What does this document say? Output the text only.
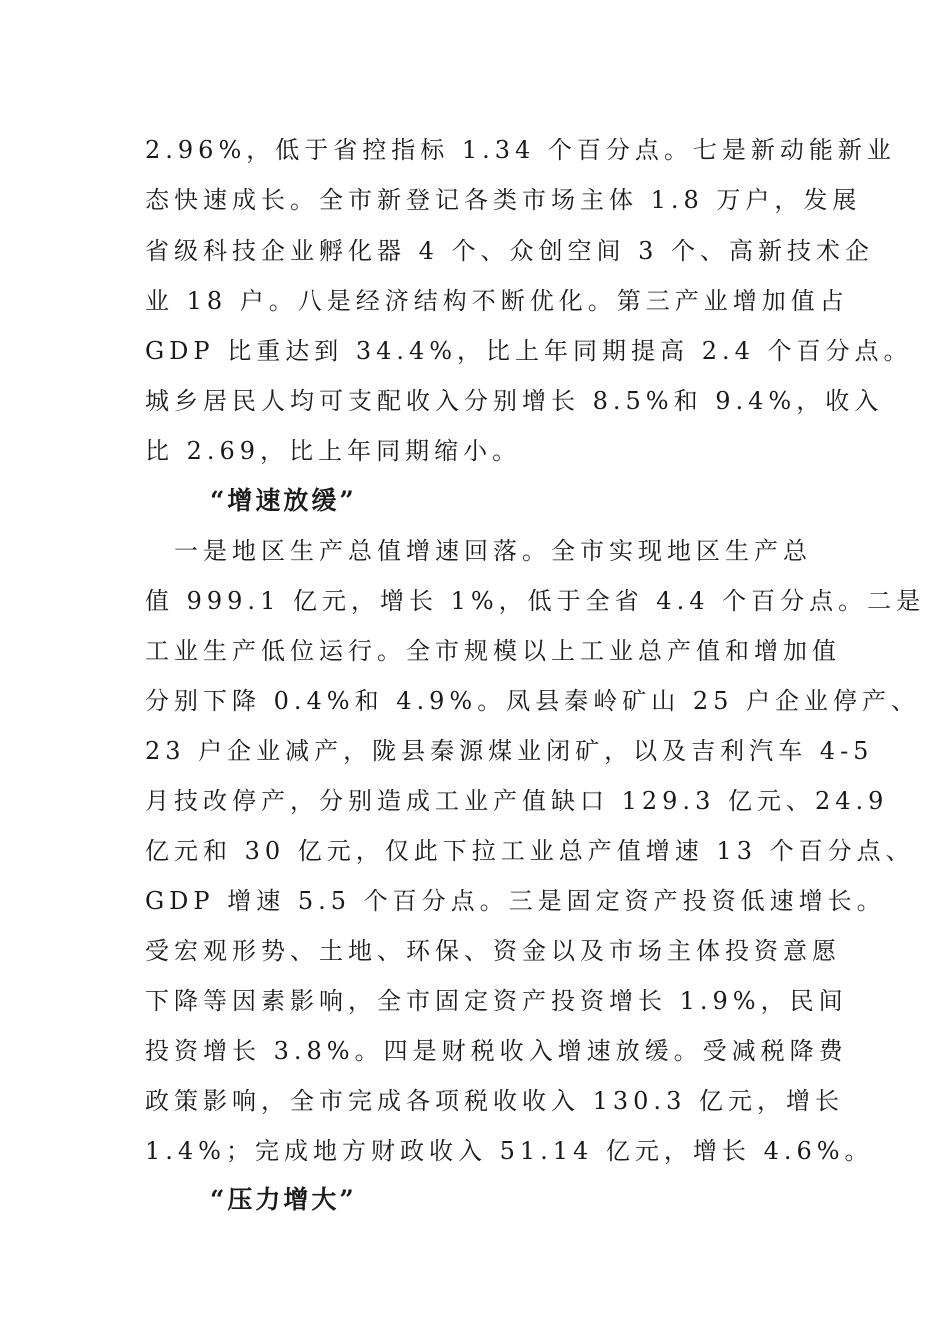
2.96%，低于省控指标 1.34 个百分点。七是新动能新业
态快速成长。全市新登记各类市场主体 1.8 万户，发展
省级科技企业孵化器 4 个、众创空间 3 个、高新技术企
业 18 户。八是经济结构不断优化。第三产业增加值占
GDP 比重达到 34.4%，比上年同期提高 2.4 个百分点。
城乡居民人均可支配收入分别增长 8.5%和 9.4%，收入
比 2.69，比上年同期缩小。
“增速放缓”
　一是地区生产总值增速回落。全市实现地区生产总
值 999.1 亿元，增长 1%，低于全省 4.4 个百分点。二是
工业生产低位运行。全市规模以上工业总产值和增加值
分别下降 0.4%和 4.9%。凤县秦岭矿山 25 户企业停产、
23 户企业减产，陇县秦源煤业闭矿，以及吉利汽车 4-5
月技改停产，分别造成工业产值缺口 129.3 亿元、24.9
亿元和 30 亿元，仅此下拉工业总产值增速 13 个百分点、
GDP 增速 5.5 个百分点。三是固定资产投资低速增长。
受宏观形势、土地、环保、资金以及市场主体投资意愿
下降等因素影响，全市固定资产投资增长 1.9%，民间
投资增长 3.8%。四是财税收入增速放缓。受减税降费
政策影响，全市完成各项税收收入 130.3 亿元，增长
1.4%；完成地方财政收入 51.14 亿元，增长 4.6%。
“压力增大”
